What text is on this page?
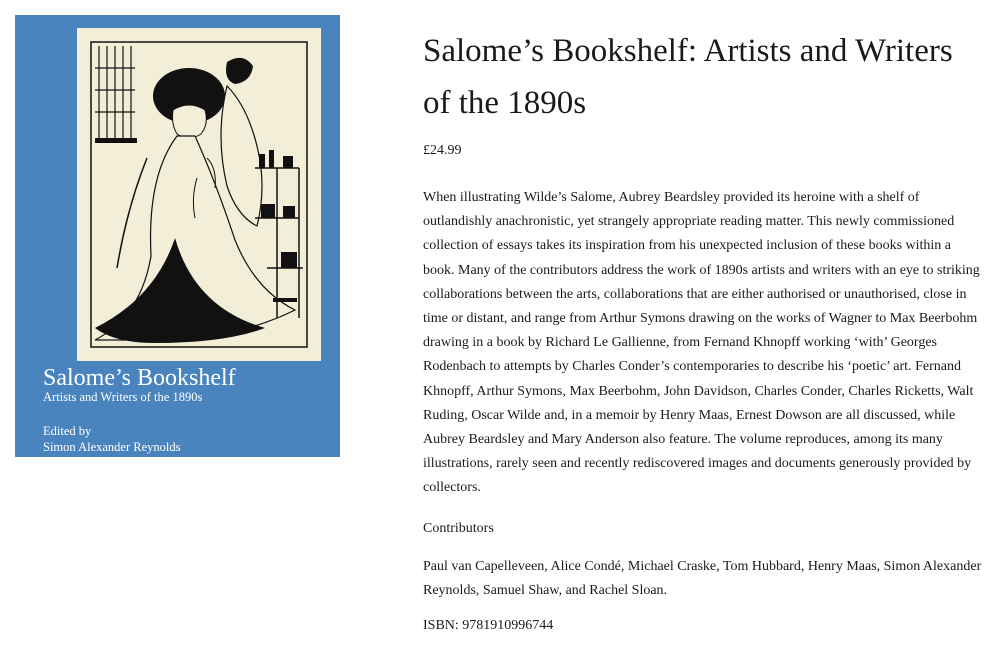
Salome’s Bookshelf
Artists and Writers of the 1890s
Edited by
Simon Alexander Reynolds
Salome’s Bookshelf: Artists and Writers of the 1890s
£24.99

When illustrating Wilde’s Salome, Aubrey Beardsley provided its heroine with a shelf of outlandishly anachronistic, yet strangely appropriate reading matter. This newly commissioned collection of essays takes its inspiration from his unexpected inclusion of these books within a book. Many of the contributors address the work of 1890s artists and writers with an eye to striking collaborations between the arts, collaborations that are either authorised or unauthorised, close in time or distant, and range from Arthur Symons drawing on the works of Wagner to Max Beerbohm drawing in a book by Richard Le Gallienne, from Fernand Khnopff working ‘with’ Georges Rodenbach to attempts by Charles Conder’s contemporaries to describe his ‘poetic’ art. Fernand Khnopff, Arthur Symons, Max Beerbohm, John Davidson, Charles Conder, Charles Ricketts, Walt Ruding, Oscar Wilde and, in a memoir by Henry Maas, Ernest Dowson are all discussed, while Aubrey Beardsley and Mary Anderson also feature. The volume reproduces, among its many illustrations, rarely seen and recently rediscovered images and documents generously provided by collectors.

Contributors

Paul van Capelleveen, Alice Condé, Michael Craske, Tom Hubbard, Henry Maas, Simon Alexander Reynolds, Samuel Shaw, and Rachel Sloan.

ISBN: 9781910996744
